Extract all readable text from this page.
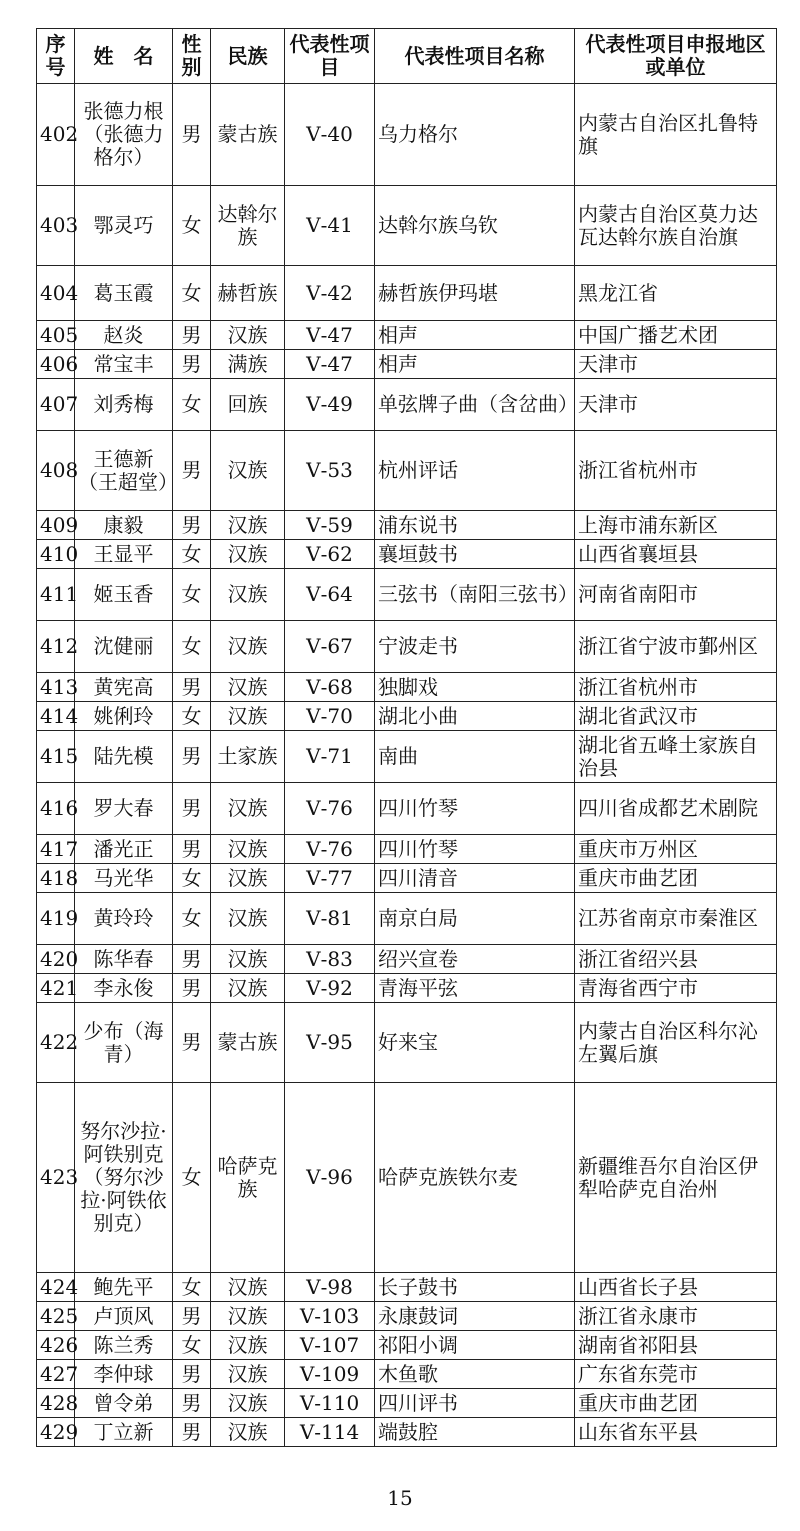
序号	姓　名	性别	民族	代表性项目	代表性项目名称	代表性项目申报地区或单位
402	张德力根（张德力格尔）	男	蒙古族	Ⅴ-40	乌力格尔	内蒙古自治区扎鲁特旗
403	鄂灵巧	女	达斡尔族	Ⅴ-41	达斡尔族乌钦	内蒙古自治区莫力达瓦达斡尔族自治旗
404	葛玉霞	女	赫哲族	Ⅴ-42	赫哲族伊玛堪	黑龙江省
405	赵炎	男	汉族	Ⅴ-47	相声	中国广播艺术团
406	常宝丰	男	满族	Ⅴ-47	相声	天津市
407	刘秀梅	女	回族	Ⅴ-49	单弦牌子曲（含岔曲）	天津市
408	王德新（王超堂）	男	汉族	Ⅴ-53	杭州评话	浙江省杭州市
409	康毅	男	汉族	Ⅴ-59	浦东说书	上海市浦东新区
410	王显平	女	汉族	Ⅴ-62	襄垣鼓书	山西省襄垣县
411	姬玉香	女	汉族	Ⅴ-64	三弦书（南阳三弦书）	河南省南阳市
412	沈健丽	女	汉族	Ⅴ-67	宁波走书	浙江省宁波市鄞州区
413	黄宪高	男	汉族	Ⅴ-68	独脚戏	浙江省杭州市
414	姚俐玲	女	汉族	Ⅴ-70	湖北小曲	湖北省武汉市
415	陆先模	男	土家族	Ⅴ-71	南曲	湖北省五峰土家族自治县
416	罗大春	男	汉族	Ⅴ-76	四川竹琴	四川省成都艺术剧院
417	潘光正	男	汉族	Ⅴ-76	四川竹琴	重庆市万州区
418	马光华	女	汉族	Ⅴ-77	四川清音	重庆市曲艺团
419	黄玲玲	女	汉族	Ⅴ-81	南京白局	江苏省南京市秦淮区
420	陈华春	男	汉族	Ⅴ-83	绍兴宣卷	浙江省绍兴县
421	李永俊	男	汉族	Ⅴ-92	青海平弦	青海省西宁市
422	少布（海青）	男	蒙古族	Ⅴ-95	好来宝	内蒙古自治区科尔沁左翼后旗
423	努尔沙拉·阿铁别克（努尔沙拉·阿铁依别克）	女	哈萨克族	Ⅴ-96	哈萨克族铁尔麦	新疆维吾尔自治区伊犁哈萨克自治州
424	鲍先平	女	汉族	Ⅴ-98	长子鼓书	山西省长子县
425	卢顶风	男	汉族	Ⅴ-103	永康鼓词	浙江省永康市
426	陈兰秀	女	汉族	Ⅴ-107	祁阳小调	湖南省祁阳县
427	李仲球	男	汉族	Ⅴ-109	木鱼歌	广东省东莞市
428	曾令弟	男	汉族	Ⅴ-110	四川评书	重庆市曲艺团
429	丁立新	男	汉族	Ⅴ-114	端鼓腔	山东省东平县
15
